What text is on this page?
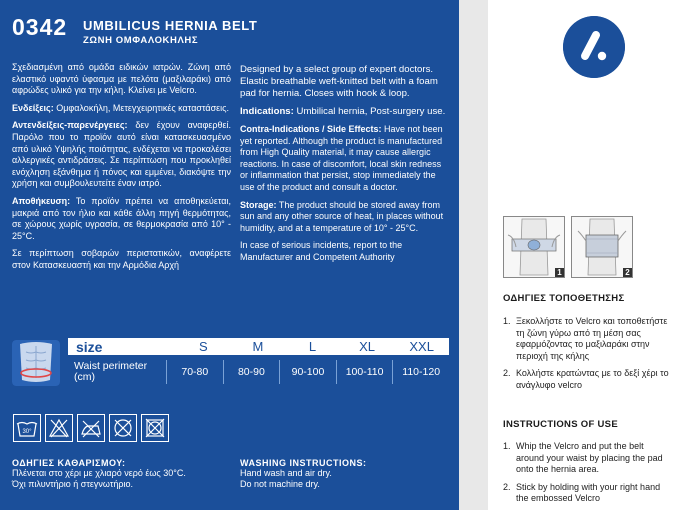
0342 UMBILICUS HERNIA BELT
ΖΩΝΗ ΟΜΦΑΛΟΚΗΛΗΣ

Σχεδιασμένη από ομάδα ειδικών ιατρών. Ζώνη από ελαστικό υφαντό ύφασμα με πελότα (μαξιλαράκι) από αφρώδες υλικό για την κήλη. Κλείνει με Velcro.

Ενδείξεις: Ομφαλοκήλη, Μετεγχειρητικές καταστάσεις.

Αντενδείξεις-παρενέργειες: δεν έχουν αναφερθεί. Παρόλο που το προϊόν αυτό είναι κατασκευασμένο από υλικό Υψηλής ποιότητας, ενδέχεται να προκαλέσει αλλεργικές αντιδράσεις. Σε περίπτωση που προκληθεί ενόχληση εξάνθημα ή πόνος και εμμένει, διακόψτε την χρήση και συμβουλευτείτε έναν ιατρό.

Αποθήκευση: Το προϊόν πρέπει να αποθηκεύεται, μακριά από τον ήλιο και κάθε άλλη πηγή θερμότητας, σε χώρους χωρίς υγρασία, σε θερμοκρασία από 10° - 25°C.

Σε περίπτωση σοβαρών περιστατικών, αναφέρετε στον Κατασκευαστή και την Αρμόδια Αρχή

Designed by a select group of expert doctors. Elastic breathable weft-knitted belt with a foam pad for hernia. Closes with hook & loop.

Indications: Umbilical hernia, Post-surgery use.

Contra-Indications / Side Effects: Have not been yet reported. Although the product is manufactured from High Quality material, it may cause allergic reactions. In case of discomfort, local skin redness or inflammation that persist, stop immediately the use of the product and consult a doctor.

Storage: The product should be stored away from sun and any other source of heat, in places without humidity, and at a temperature of 10° - 25°C.

In case of serious incidents, report to the Manufacturer and Competent Authority

size	S	M	L	XL	XXL
Waist perimeter
(cm)	70-80	80-90	90-100	100-110	110-120
30°
ΟΔΗΓΙΕΣ ΚΑΘΑΡΙΣΜΟΥ:
Πλένεται στο χέρι με χλιαρό νερό έως 30°C.
Όχι πιλυντήριο ή στεγνωτήριο.
WASHING INSTRUCTIONS:
Hand wash and air dry.
Do not machine dry.
1	2
ΟΔΗΓΙΕΣ ΤΟΠΟΘΕΤΗΣΗΣ
1. Ξεκολλήστε το Velcro και τοποθετήστε τη ζώνη γύρω από τη μέση σας εφαρμόζοντας το μαξιλαράκι στην περιοχή της κήλης
2. Κολλήστε κρατώντας με το δεξί χέρι το ανάγλυφο velcro
INSTRUCTIONS OF USE
1. Whip the Velcro and put the belt around your waist by placing the pad onto the hernia area.
2. Stick by holding with your right hand the embossed Velcro
